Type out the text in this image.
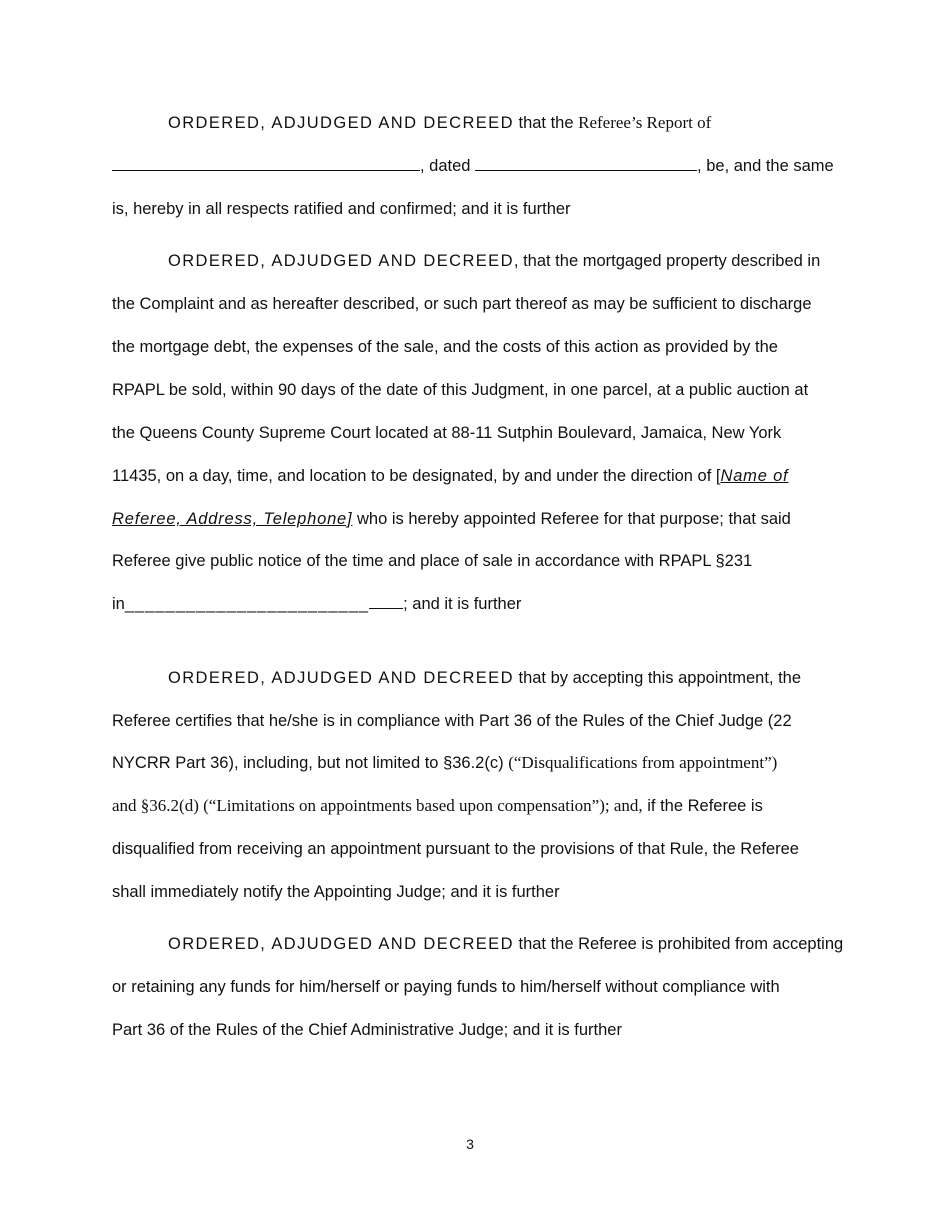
ORDERED, ADJUDGED AND DECREED that the Referee’s Report of
, dated	, be, and the same
is, hereby in all respects ratified and confirmed; and it is further
ORDERED, ADJUDGED AND DECREED, that the mortgaged property described in
the Complaint and as hereafter described, or such part thereof as may be sufficient to discharge
the mortgage debt, the expenses of the sale, and the costs of this action as provided by the
RPAPL be sold, within 90 days of the date of this Judgment, in one parcel, at a public auction at
the Queens County Supreme Court located at 88-11 Sutphin Boulevard, Jamaica, New York
11435, on a day, time, and location to be designated, by and under the direction of [Name of
Referee, Address, Telephone] who is hereby appointed Referee for that purpose; that said
Referee give public notice of the time and place of sale in accordance with RPAPL §231
in________________________ ; and it is further
ORDERED, ADJUDGED AND DECREED that by accepting this appointment, the
Referee certifies that he/she is in compliance with Part 36 of the Rules of the Chief Judge (22
NYCRR Part 36), including, but not limited to §36.2(c) (“Disqualifications from appointment”)
and §36.2(d) (“Limitations on appointments based upon compensation”); and, if the Referee is
disqualified from receiving an appointment pursuant to the provisions of that Rule, the Referee
shall immediately notify the Appointing Judge; and it is further
ORDERED, ADJUDGED AND DECREED that the Referee is prohibited from accepting
or retaining any funds for him/herself or paying funds to him/herself without compliance with
Part 36 of the Rules of the Chief Administrative Judge; and it is further
3
